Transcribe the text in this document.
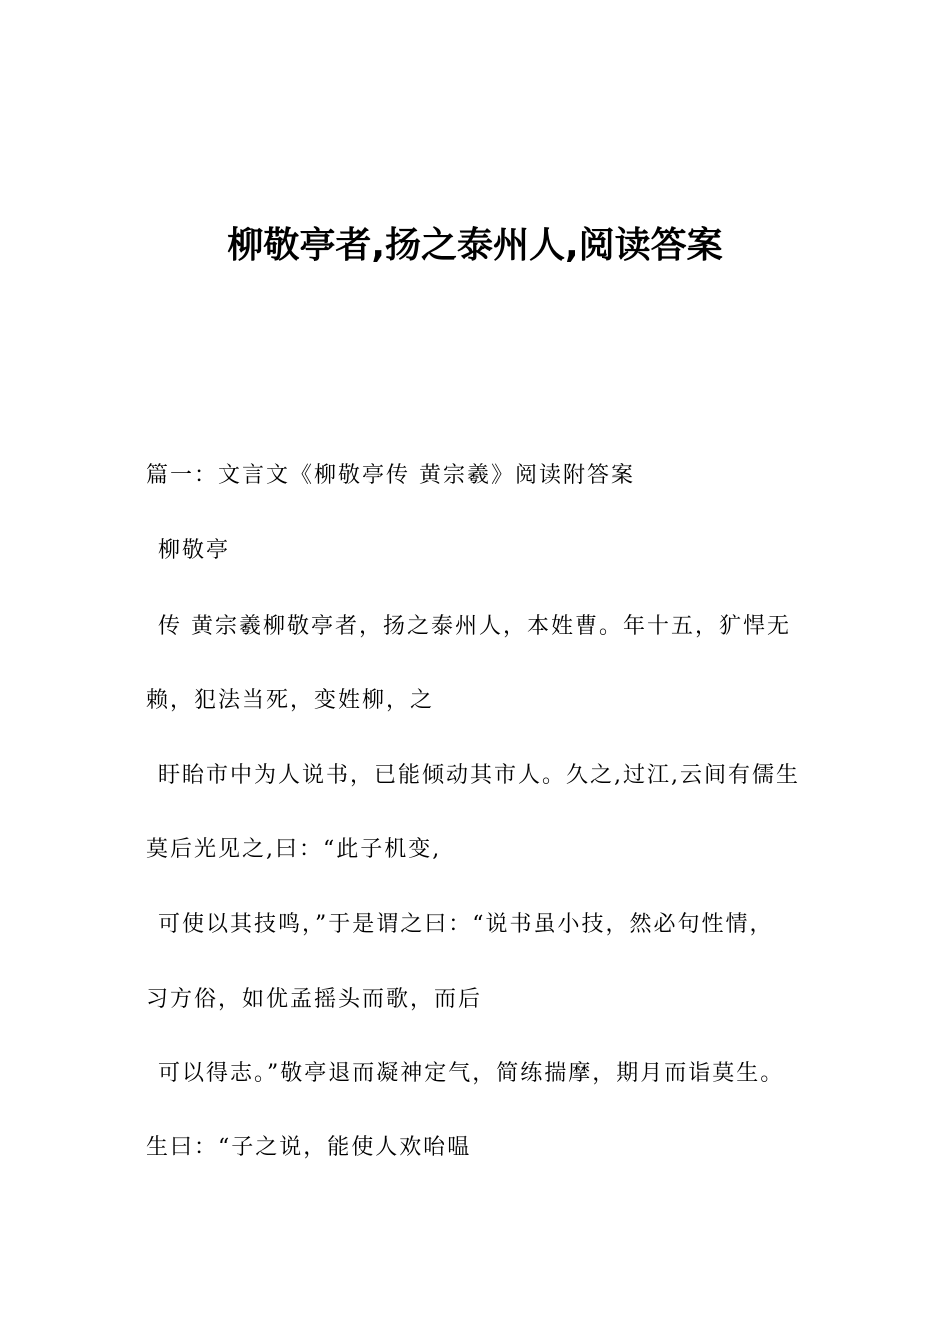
柳敬亭者,扬之泰州人,阅读答案
篇一：文言文《柳敬亭传 黄宗羲》阅读附答案
柳敬亭
传 黄宗羲柳敬亭者，扬之泰州人，本姓曹。年十五，犷悍无
赖，犯法当死，变姓柳，之
盱眙市中为人说书，已能倾动其市人。久之,过江,云间有儒生
莫后光见之,曰：“此子机变,
可使以其技鸣，”于是谓之曰：“说书虽小技，然必句性情，
习方俗，如优孟摇头而歌，而后
可以得志。”敬亭退而凝神定气，简练揣摩，期月而诣莫生。
生曰：“子之说，能使人欢咍嗢
